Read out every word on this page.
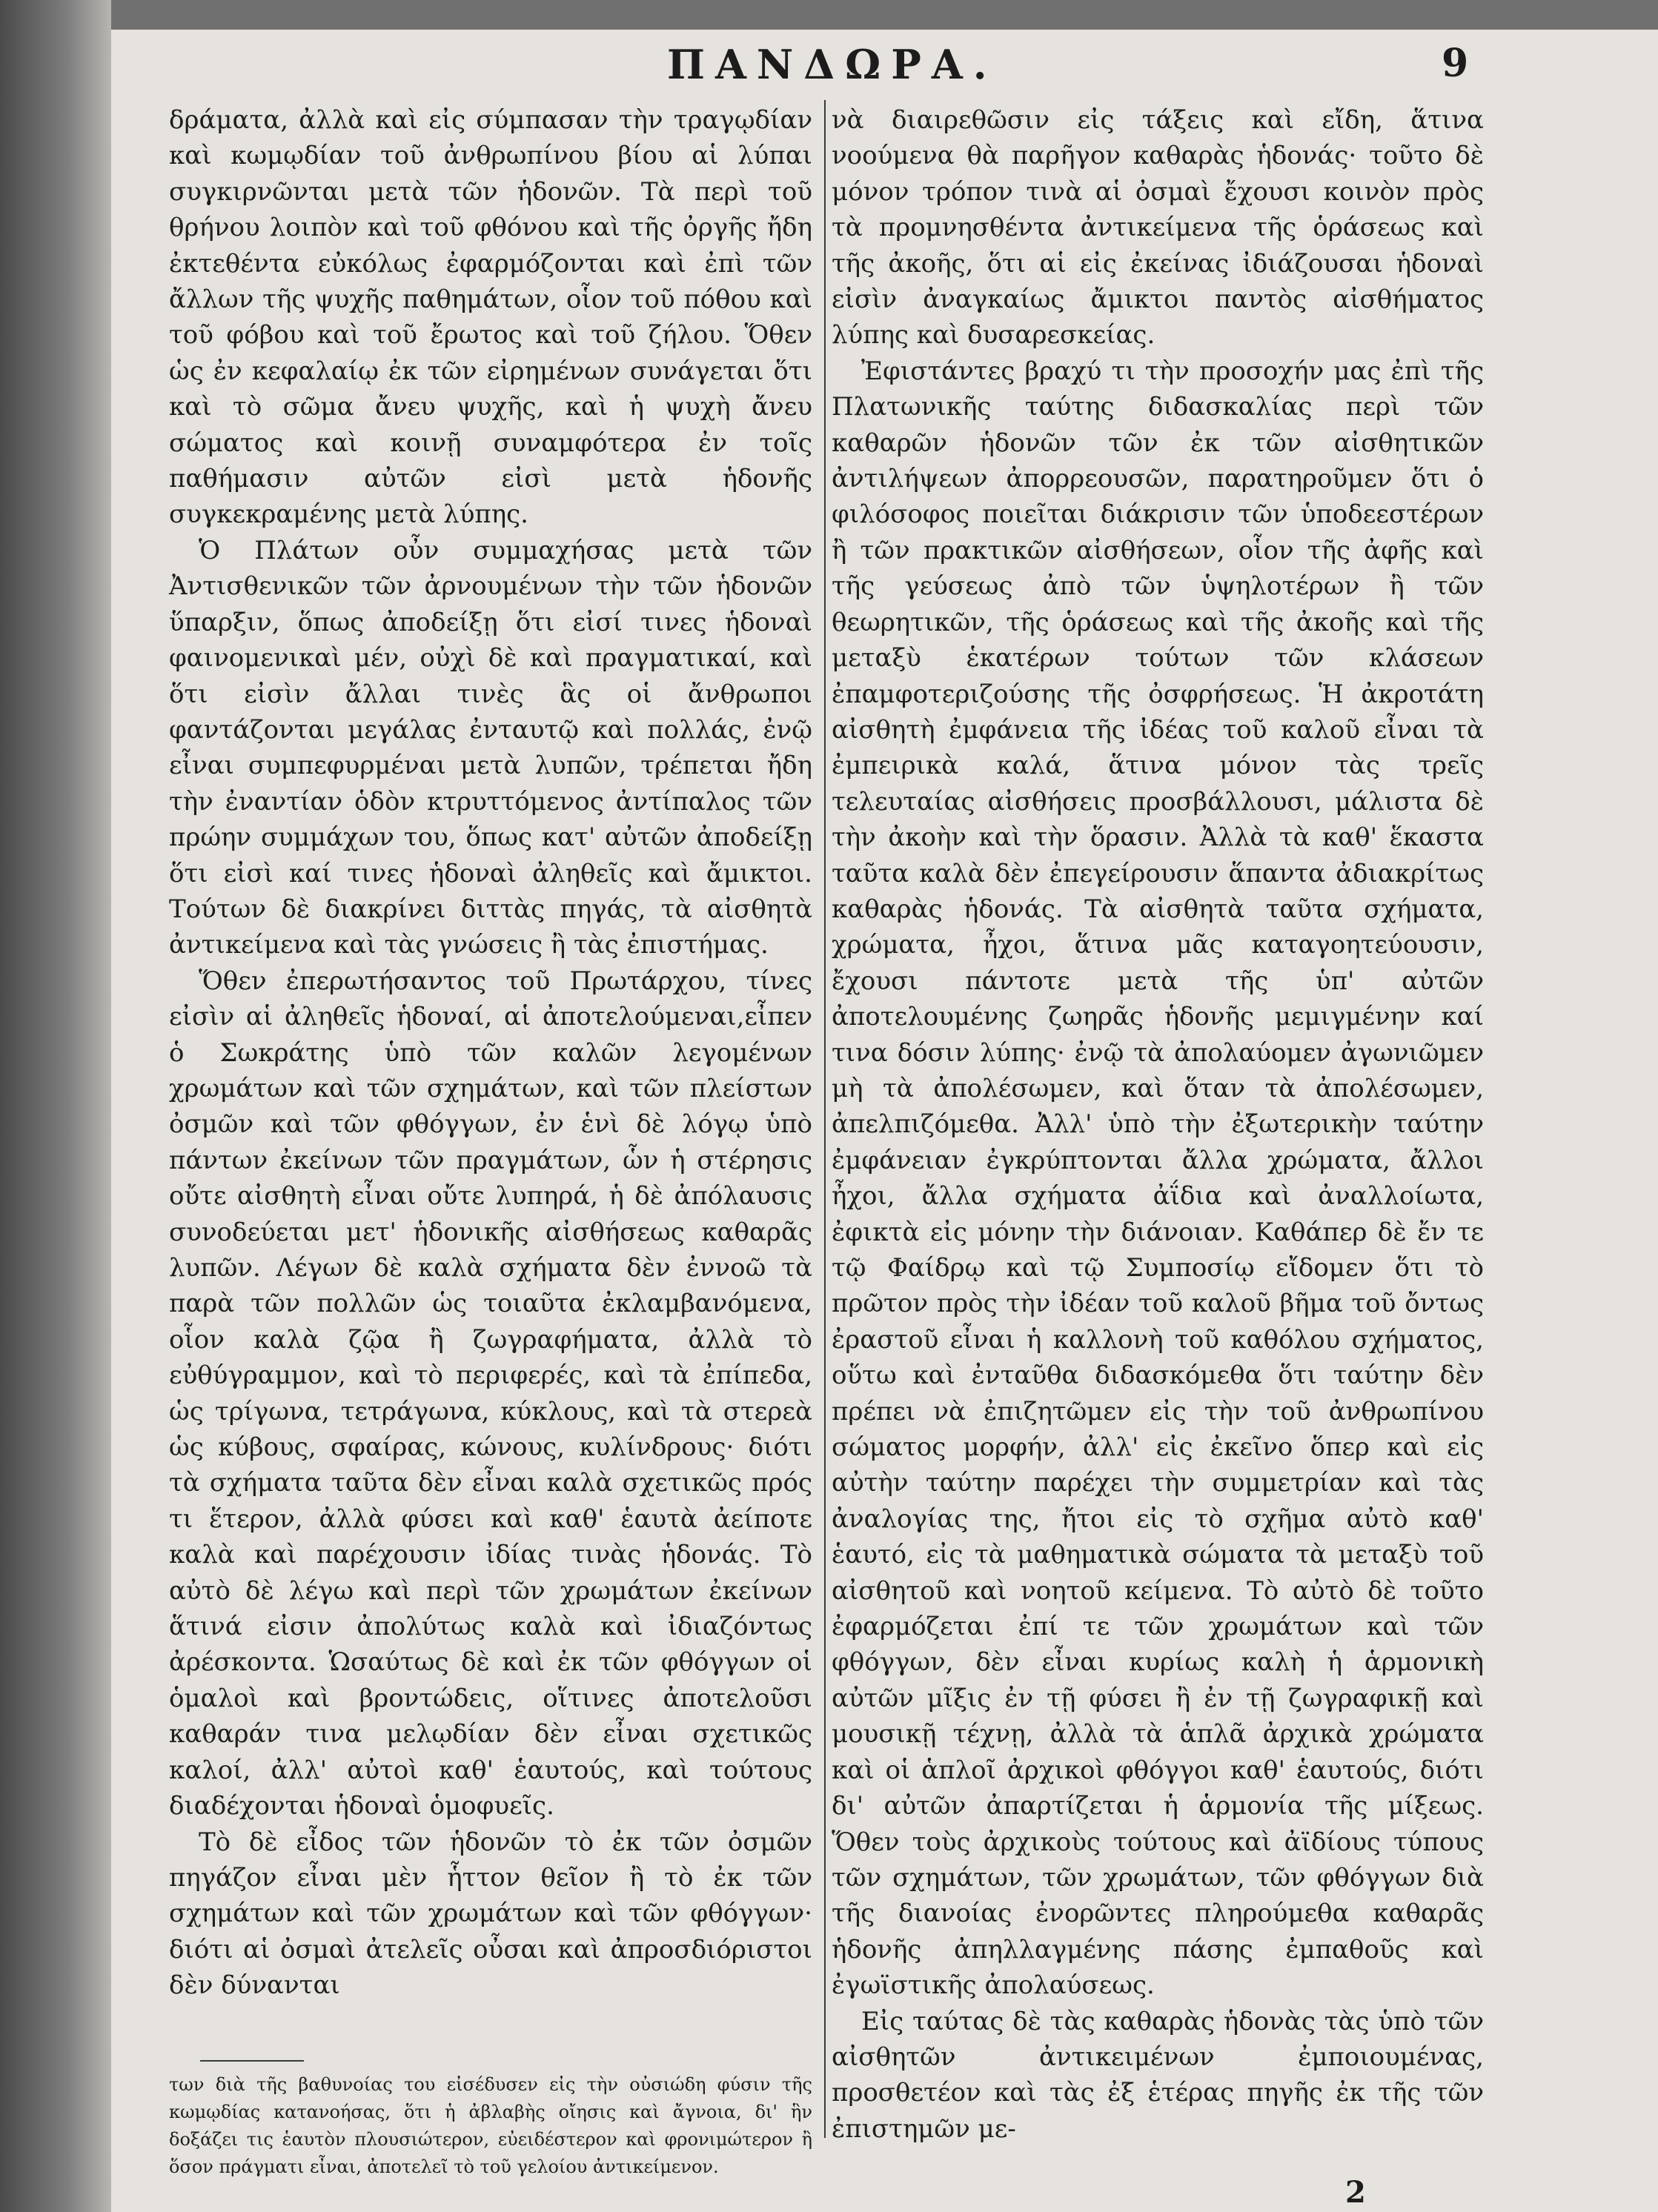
ΠΑΝΔΩΡΑ.	9

δράματα, ἀλλὰ καὶ εἰς σύμπασαν τὴν τραγῳδίαν καὶ κωμῳδίαν τοῦ ἀνθρωπίνου βίου αἱ λύπαι συγκιρνῶνται μετὰ τῶν ἡδονῶν. Τὰ περὶ τοῦ θρήνου λοιπὸν καὶ τοῦ φθόνου καὶ τῆς ὀργῆς ἤδη ἐκτεθέντα εὐκόλως ἐφαρμόζονται καὶ ἐπὶ τῶν ἄλλων τῆς ψυχῆς παθημάτων, οἷον τοῦ πόθου καὶ τοῦ φόβου καὶ τοῦ ἔρωτος καὶ τοῦ ζήλου. Ὅθεν ὡς ἐν κεφαλαίῳ ἐκ τῶν εἰρημένων συνάγεται ὅτι καὶ τὸ σῶμα ἄνευ ψυχῆς, καὶ ἡ ψυχὴ ἄνευ σώματος καὶ κοινῇ συναμφότερα ἐν τοῖς παθήμασιν αὐτῶν εἰσὶ μετὰ ἡδονῆς συγκεκραμένης μετὰ λύπης.

Ὁ Πλάτων οὖν συμμαχήσας μετὰ τῶν Ἀντισθενικῶν τῶν ἀρνουμένων τὴν τῶν ἡδονῶν ὕπαρξιν, ὅπως ἀποδείξῃ ὅτι εἰσί τινες ἡδοναὶ φαινομενικαὶ μέν, οὐχὶ δὲ καὶ πραγματικαί, καὶ ὅτι εἰσὶν ἄλλαι τινὲς ἃς οἱ ἄνθρωποι φαντάζονται μεγάλας ἐνταυτῷ καὶ πολλάς, ἐνῷ εἶναι συμπεφυρμέναι μετὰ λυπῶν, τρέπεται ἤδη τὴν ἐναντίαν ὁδὸν κτρυττόμενος ἀντίπαλος τῶν πρώην συμμάχων του, ὅπως κατ' αὐτῶν ἀποδείξῃ ὅτι εἰσὶ καί τινες ἡδοναὶ ἀληθεῖς καὶ ἄμικτοι. Τούτων δὲ διακρίνει διττὰς πηγάς, τὰ αἰσθητὰ ἀντικείμενα καὶ τὰς γνώσεις ἢ τὰς ἐπιστήμας.

Ὅθεν ἐπερωτήσαντος τοῦ Πρωτάρχου, τίνες εἰσὶν αἱ ἀληθεῖς ἡδοναί, αἱ ἀποτελούμεναι,εἶπεν ὁ Σωκράτης ὑπὸ τῶν καλῶν λεγομένων χρωμάτων καὶ τῶν σχημάτων, καὶ τῶν πλείστων ὀσμῶν καὶ τῶν φθόγγων, ἐν ἑνὶ δὲ λόγῳ ὑπὸ πάντων ἐκείνων τῶν πραγμάτων, ὧν ἡ στέρησις οὔτε αἰσθητὴ εἶναι οὔτε λυπηρά, ἡ δὲ ἀπόλαυσις συνοδεύεται μετ' ἡδονικῆς αἰσθήσεως καθαρᾶς λυπῶν. Λέγων δὲ καλὰ σχήματα δὲν ἐννοῶ τὰ παρὰ τῶν πολλῶν ὡς τοιαῦτα ἐκλαμβανόμενα, οἷον καλὰ ζῷα ἢ ζωγραφήματα, ἀλλὰ τὸ εὐθύγραμμον, καὶ τὸ περιφερές, καὶ τὰ ἐπίπεδα, ὡς τρίγωνα, τετράγωνα, κύκλους, καὶ τὰ στερεὰ ὡς κύβους, σφαίρας, κώνους, κυλίνδρους· διότι τὰ σχήματα ταῦτα δὲν εἶναι καλὰ σχετικῶς πρός τι ἕτερον, ἀλλὰ φύσει καὶ καθ' ἑαυτὰ ἀείποτε καλὰ καὶ παρέχουσιν ἰδίας τινὰς ἡδονάς. Τὸ αὐτὸ δὲ λέγω καὶ περὶ τῶν χρωμάτων ἐκείνων ἅτινά εἰσιν ἀπολύτως καλὰ καὶ ἰδιαζόντως ἀρέσκοντα. Ὡσαύτως δὲ καὶ ἐκ τῶν φθόγγων οἱ ὁμαλοὶ καὶ βροντώδεις, οἵτινες ἀποτελοῦσι καθαράν τινα μελῳδίαν δὲν εἶναι σχετικῶς καλοί, ἀλλ' αὐτοὶ καθ' ἑαυτούς, καὶ τούτους διαδέχονται ἡδοναὶ ὁμοφυεῖς.

Τὸ δὲ εἶδος τῶν ἡδονῶν τὸ ἐκ τῶν ὀσμῶν πηγάζον εἶναι μὲν ἧττον θεῖον ἢ τὸ ἐκ τῶν σχημάτων καὶ τῶν χρωμάτων καὶ τῶν φθόγγων· διότι αἱ ὀσμαὶ ἀτελεῖς οὖσαι καὶ ἀπροσδιόριστοι δὲν δύνανται

νὰ διαιρεθῶσιν εἰς τάξεις καὶ εἴδη, ἅτινα νοούμενα θὰ παρῆγον καθαρὰς ἡδονάς· τοῦτο δὲ μόνον τρόπον τινὰ αἱ ὀσμαὶ ἔχουσι κοινὸν πρὸς τὰ προμνησθέντα ἀντικείμενα τῆς ὁράσεως καὶ τῆς ἀκοῆς, ὅτι αἱ εἰς ἐκείνας ἰδιάζουσαι ἡδοναὶ εἰσὶν ἀναγκαίως ἄμικτοι παντὸς αἰσθήματος λύπης καὶ δυσαρεσκείας.

Ἐφιστάντες βραχύ τι τὴν προσοχήν μας ἐπὶ τῆς Πλατωνικῆς ταύτης διδασκαλίας περὶ τῶν καθαρῶν ἡδονῶν τῶν ἐκ τῶν αἰσθητικῶν ἀντιλήψεων ἀπορρεουσῶν, παρατηροῦμεν ὅτι ὁ φιλόσοφος ποιεῖται διάκρισιν τῶν ὑποδεεστέρων ἢ τῶν πρακτικῶν αἰσθήσεων, οἷον τῆς ἀφῆς καὶ τῆς γεύσεως ἀπὸ τῶν ὑψηλοτέρων ἢ τῶν θεωρητικῶν, τῆς ὁράσεως καὶ τῆς ἀκοῆς καὶ τῆς μεταξὺ ἑκατέρων τούτων τῶν κλάσεων ἐπαμφοτεριζούσης τῆς ὀσφρήσεως. Ἡ ἀκροτάτη αἰσθητὴ ἐμφάνεια τῆς ἰδέας τοῦ καλοῦ εἶναι τὰ ἐμπειρικὰ καλά, ἅτινα μόνον τὰς τρεῖς τελευταίας αἰσθήσεις προσβάλλουσι, μάλιστα δὲ τὴν ἀκοὴν καὶ τὴν ὅρασιν. Ἀλλὰ τὰ καθ' ἕκαστα ταῦτα καλὰ δὲν ἐπεγείρουσιν ἅπαντα ἀδιακρίτως καθαρὰς ἡδονάς. Τὰ αἰσθητὰ ταῦτα σχήματα, χρώματα, ἦχοι, ἅτινα μᾶς καταγοητεύουσιν, ἔχουσι πάντοτε μετὰ τῆς ὑπ' αὐτῶν ἀποτελουμένης ζωηρᾶς ἡδονῆς μεμιγμένην καί τινα δόσιν λύπης· ἐνῷ τὰ ἀπολαύομεν ἀγωνιῶμεν μὴ τὰ ἀπολέσωμεν, καὶ ὅταν τὰ ἀπολέσωμεν, ἀπελπιζόμεθα. Ἀλλ' ὑπὸ τὴν ἐξωτερικὴν ταύτην ἐμφάνειαν ἐγκρύπτονται ἄλλα χρώματα, ἄλλοι ἦχοι, ἄλλα σχήματα ἀΐδια καὶ ἀναλλοίωτα, ἐφικτὰ εἰς μόνην τὴν διάνοιαν. Καθάπερ δὲ ἔν τε τῷ Φαίδρῳ καὶ τῷ Συμποσίῳ εἴδομεν ὅτι τὸ πρῶτον πρὸς τὴν ἰδέαν τοῦ καλοῦ βῆμα τοῦ ὄντως ἐραστοῦ εἶναι ἡ καλλονὴ τοῦ καθόλου σχήματος, οὕτω καὶ ἐνταῦθα διδασκόμεθα ὅτι ταύτην δὲν πρέπει νὰ ἐπιζητῶμεν εἰς τὴν τοῦ ἀνθρωπίνου σώματος μορφήν, ἀλλ' εἰς ἐκεῖνο ὅπερ καὶ εἰς αὐτὴν ταύτην παρέχει τὴν συμμετρίαν καὶ τὰς ἀναλογίας της, ἤτοι εἰς τὸ σχῆμα αὐτὸ καθ' ἑαυτό, εἰς τὰ μαθηματικὰ σώματα τὰ μεταξὺ τοῦ αἰσθητοῦ καὶ νοητοῦ κείμενα. Τὸ αὐτὸ δὲ τοῦτο ἐφαρμόζεται ἐπί τε τῶν χρωμάτων καὶ τῶν φθόγγων, δὲν εἶναι κυρίως καλὴ ἡ ἁρμονικὴ αὐτῶν μῖξις ἐν τῇ φύσει ἢ ἐν τῇ ζωγραφικῇ καὶ μουσικῇ τέχνῃ, ἀλλὰ τὰ ἁπλᾶ ἀρχικὰ χρώματα καὶ οἱ ἁπλοῖ ἀρχικοὶ φθόγγοι καθ' ἑαυτούς, διότι δι' αὐτῶν ἀπαρτίζεται ἡ ἁρμονία τῆς μίξεως. Ὅθεν τοὺς ἀρχικοὺς τούτους καὶ ἀϊδίους τύπους τῶν σχημάτων, τῶν χρωμάτων, τῶν φθόγγων διὰ τῆς διανοίας ἐνορῶντες πληρούμεθα καθαρᾶς ἡδονῆς ἀπηλλαγμένης πάσης ἐμπαθοῦς καὶ ἐγωϊστικῆς ἀπολαύσεως.

Εἰς ταύτας δὲ τὰς καθαρὰς ἡδονὰς τὰς ὑπὸ τῶν αἰσθητῶν ἀντικειμένων ἐμποιουμένας, προσθετέον καὶ τὰς ἐξ ἑτέρας πηγῆς ἐκ τῆς τῶν ἐπιστημῶν με-

των διὰ τῆς βαθυνοίας του εἰσέδυσεν εἰς τὴν οὐσιώδη φύσιν τῆς κωμῳδίας κατανοήσας, ὅτι ἡ ἀβλαβὴς οἴησις καὶ ἄγνοια, δι' ἣν δοξάζει τις ἑαυτὸν πλουσιώτερον, εὐειδέστερον καὶ φρονιμώτερον ἢ ὅσον πράγματι εἶναι, ἀποτελεῖ τὸ τοῦ γελοίου ἀντικείμενον.

2
